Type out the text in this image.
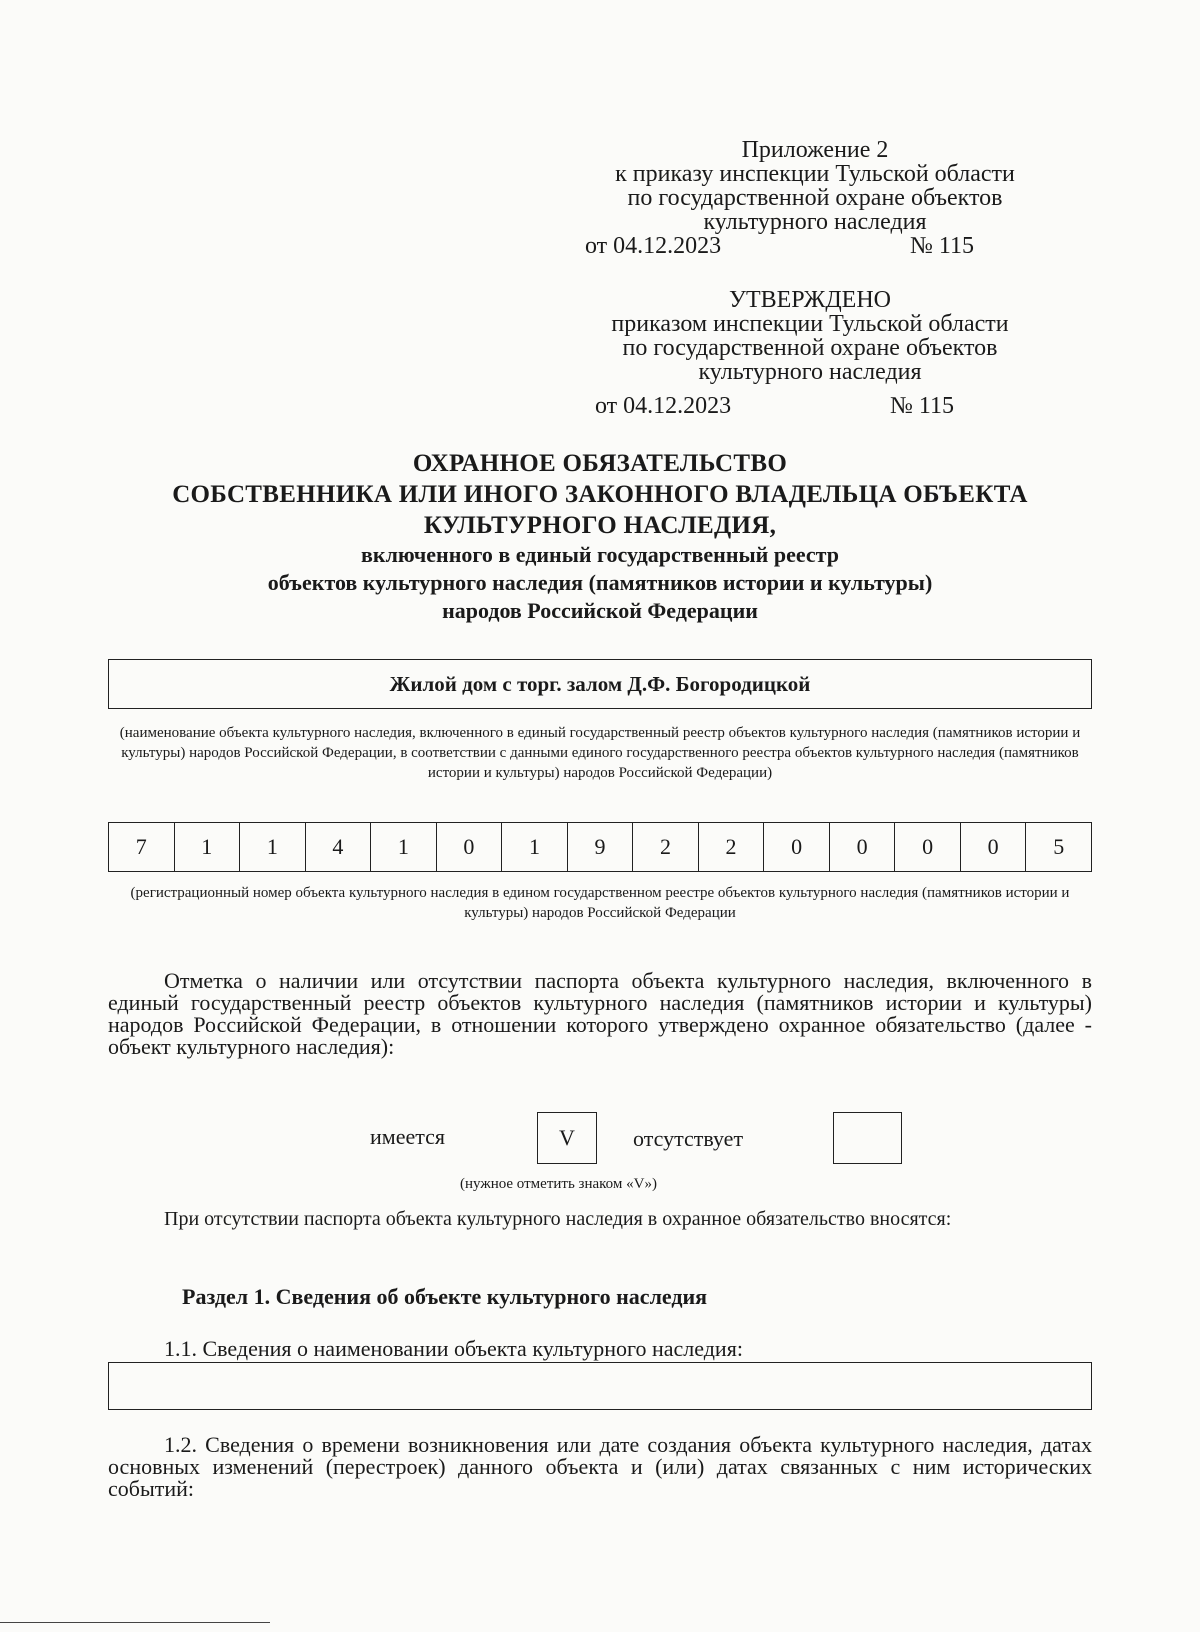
Приложение 2
к приказу инспекции Тульской области
по государственной охране объектов
культурного наследия
от 04.12.2023	№ 115
УТВЕРЖДЕНО
приказом инспекции Тульской области
по государственной охране объектов
культурного наследия
от 04.12.2023	№ 115
ОХРАННОЕ ОБЯЗАТЕЛЬСТВО
СОБСТВЕННИКА ИЛИ ИНОГО ЗАКОННОГО ВЛАДЕЛЬЦА ОБЪЕКТА
КУЛЬТУРНОГО НАСЛЕДИЯ,
включенного в единый государственный реестр
объектов культурного наследия (памятников истории и культуры)
народов Российской Федерации
Жилой дом с торг. залом Д.Ф. Богородицкой
(наименование объекта культурного наследия, включенного в единый государственный реестр объектов культурного наследия (памятников истории и культуры) народов Российской Федерации, в соответствии с данными единого государственного реестра объектов культурного наследия (памятников истории и культуры) народов Российской Федерации)
7	1	1	4	1	0	1	9	2	2	0	0	0	0	5
(регистрационный номер объекта культурного наследия в едином государственном реестре объектов культурного наследия (памятников истории и культуры) народов Российской Федерации
Отметка о наличии или отсутствии паспорта объекта культурного наследия, включенного в единый государственный реестр объектов культурного наследия (памятников истории и культуры) народов Российской Федерации, в отношении которого утверждено охранное обязательство (далее - объект культурного наследия):
имеется	V	отсутствует
(нужное отметить знаком «V»)
При отсутствии паспорта объекта культурного наследия в охранное обязательство вносятся:
Раздел 1. Сведения об объекте культурного наследия
1.1. Сведения о наименовании объекта культурного наследия:
1.2. Сведения о времени возникновения или дате создания объекта культурного наследия, датах основных изменений (перестроек) данного объекта и (или) датах связанных с ним исторических событий:
